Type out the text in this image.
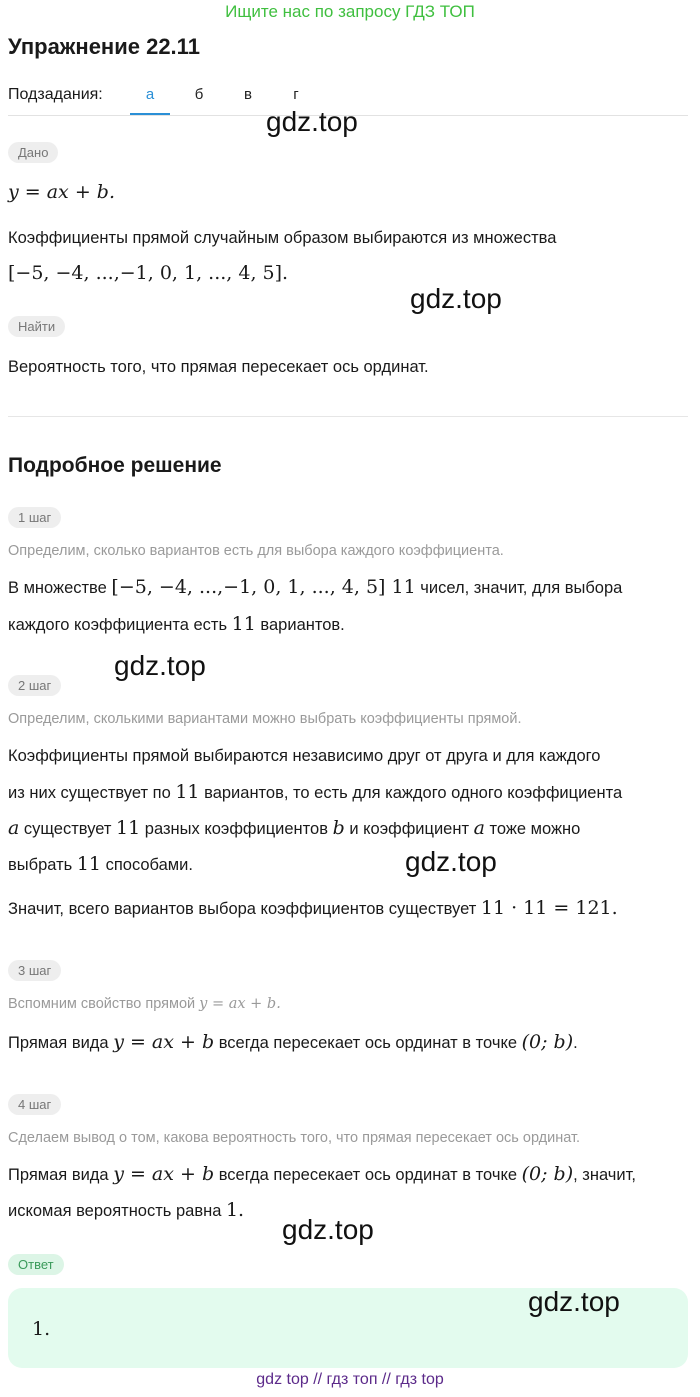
Ищите нас по запросу ГДЗ ТОП
Упражнение 22.11
Подзадания:	а	б	в	г
gdz.top
Дано
y = ax + b.
Коэффициенты прямой случайным образом выбираются из множества
[−5, −4, ...,−1, 0, 1, ..., 4, 5].
gdz.top
Найти
Вероятность того, что прямая пересекает ось ординат.
Подробное решение
1 шаг
Определим, сколько вариантов есть для выбора каждого коэффициента.
В множестве [−5, −4, ...,−1, 0, 1, ..., 4, 5] 11 чисел, значит, для выбора
каждого коэффициента есть 11 вариантов.
gdz.top
2 шаг
Определим, сколькими вариантами можно выбрать коэффициенты прямой.
Коэффициенты прямой выбираются независимо друг от друга и для каждого
из них существует по 11 вариантов, то есть для каждого одного коэффициента
a существует 11 разных коэффициентов b и коэффициент a тоже можно
выбрать 11 способами.	gdz.top
Значит, всего вариантов выбора коэффициентов существует 11 · 11 = 121.
3 шаг
Вспомним свойство прямой y = ax + b.
Прямая вида y = ax + b всегда пересекает ось ординат в точке (0; b).
4 шаг
Сделаем вывод о том, какова вероятность того, что прямая пересекает ось ординат.
Прямая вида y = ax + b всегда пересекает ось ординат в точке (0; b), значит,
искомая вероятность равна 1.
gdz.top
Ответ
1.
gdz.top
gdz top // гдз топ // гдз top
